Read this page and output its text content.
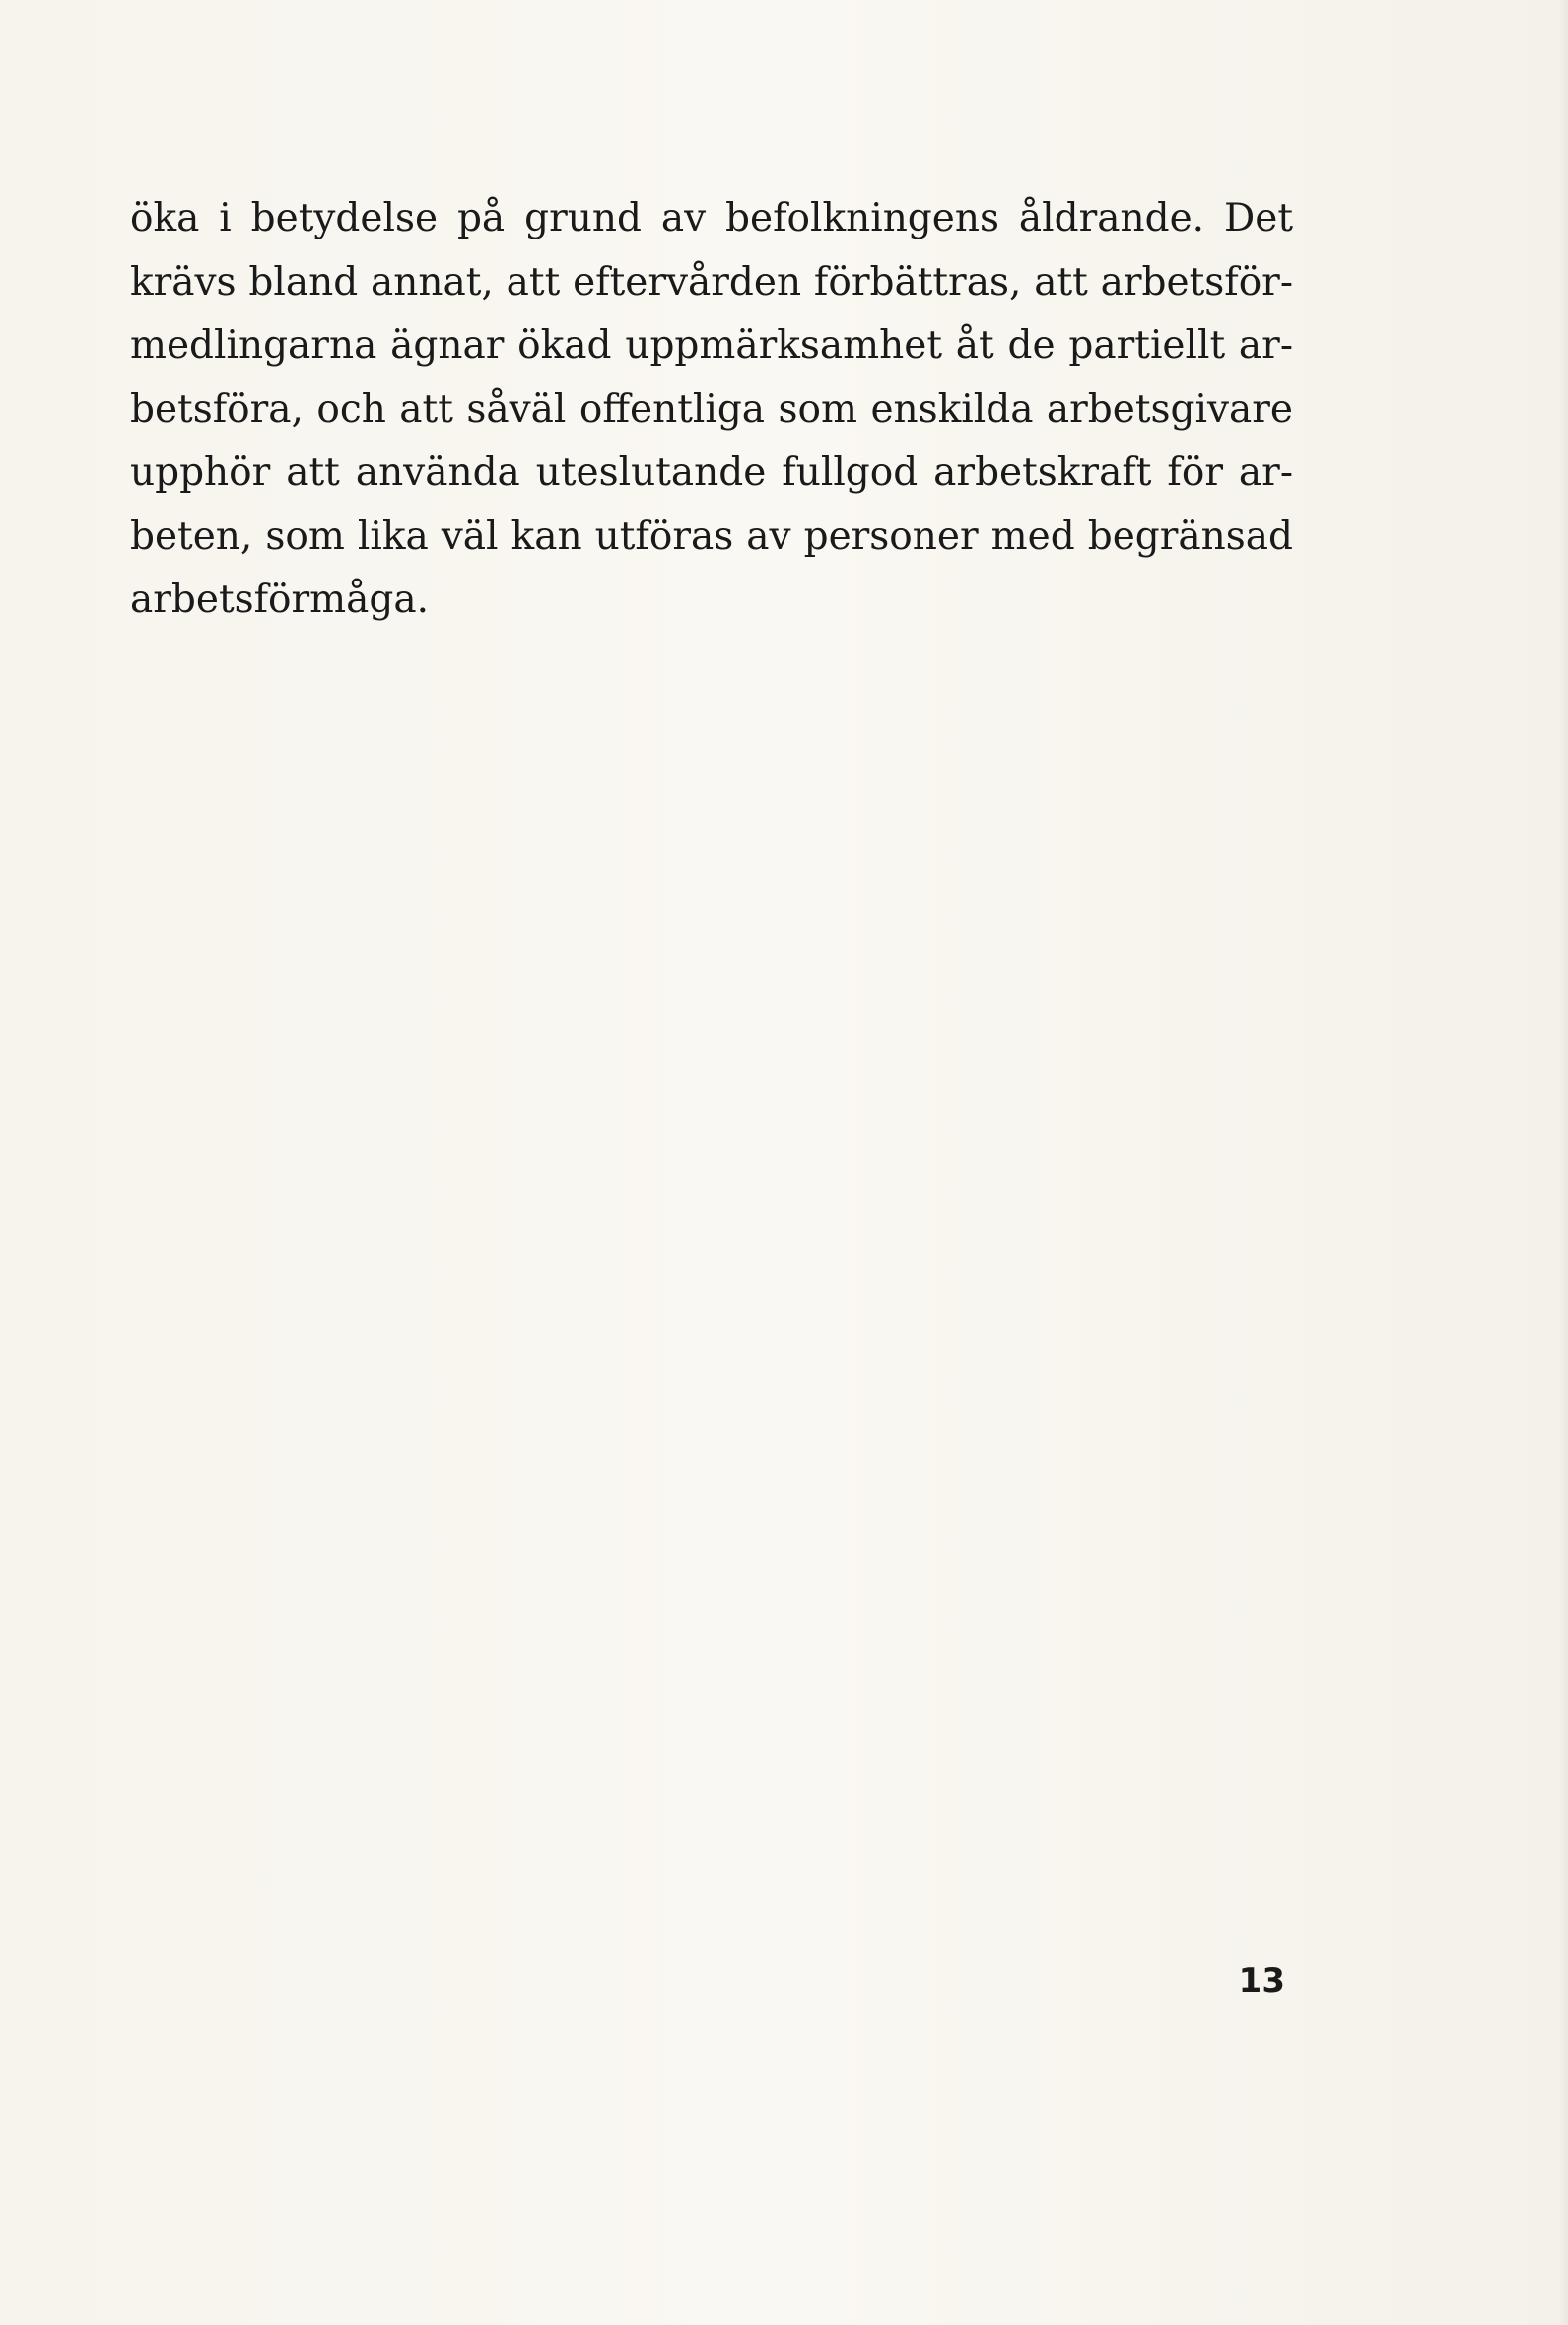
öka i betydelse på grund av befolkningens åldrande. Det
krävs bland annat, att eftervården förbättras, att arbetsför-
medlingarna ägnar ökad uppmärksamhet åt de partiellt ar-
betsföra, och att såväl offentliga som enskilda arbetsgivare
upphör att använda uteslutande fullgod arbetskraft för ar-
beten, som lika väl kan utföras av personer med begränsad
arbetsförmåga.

13
